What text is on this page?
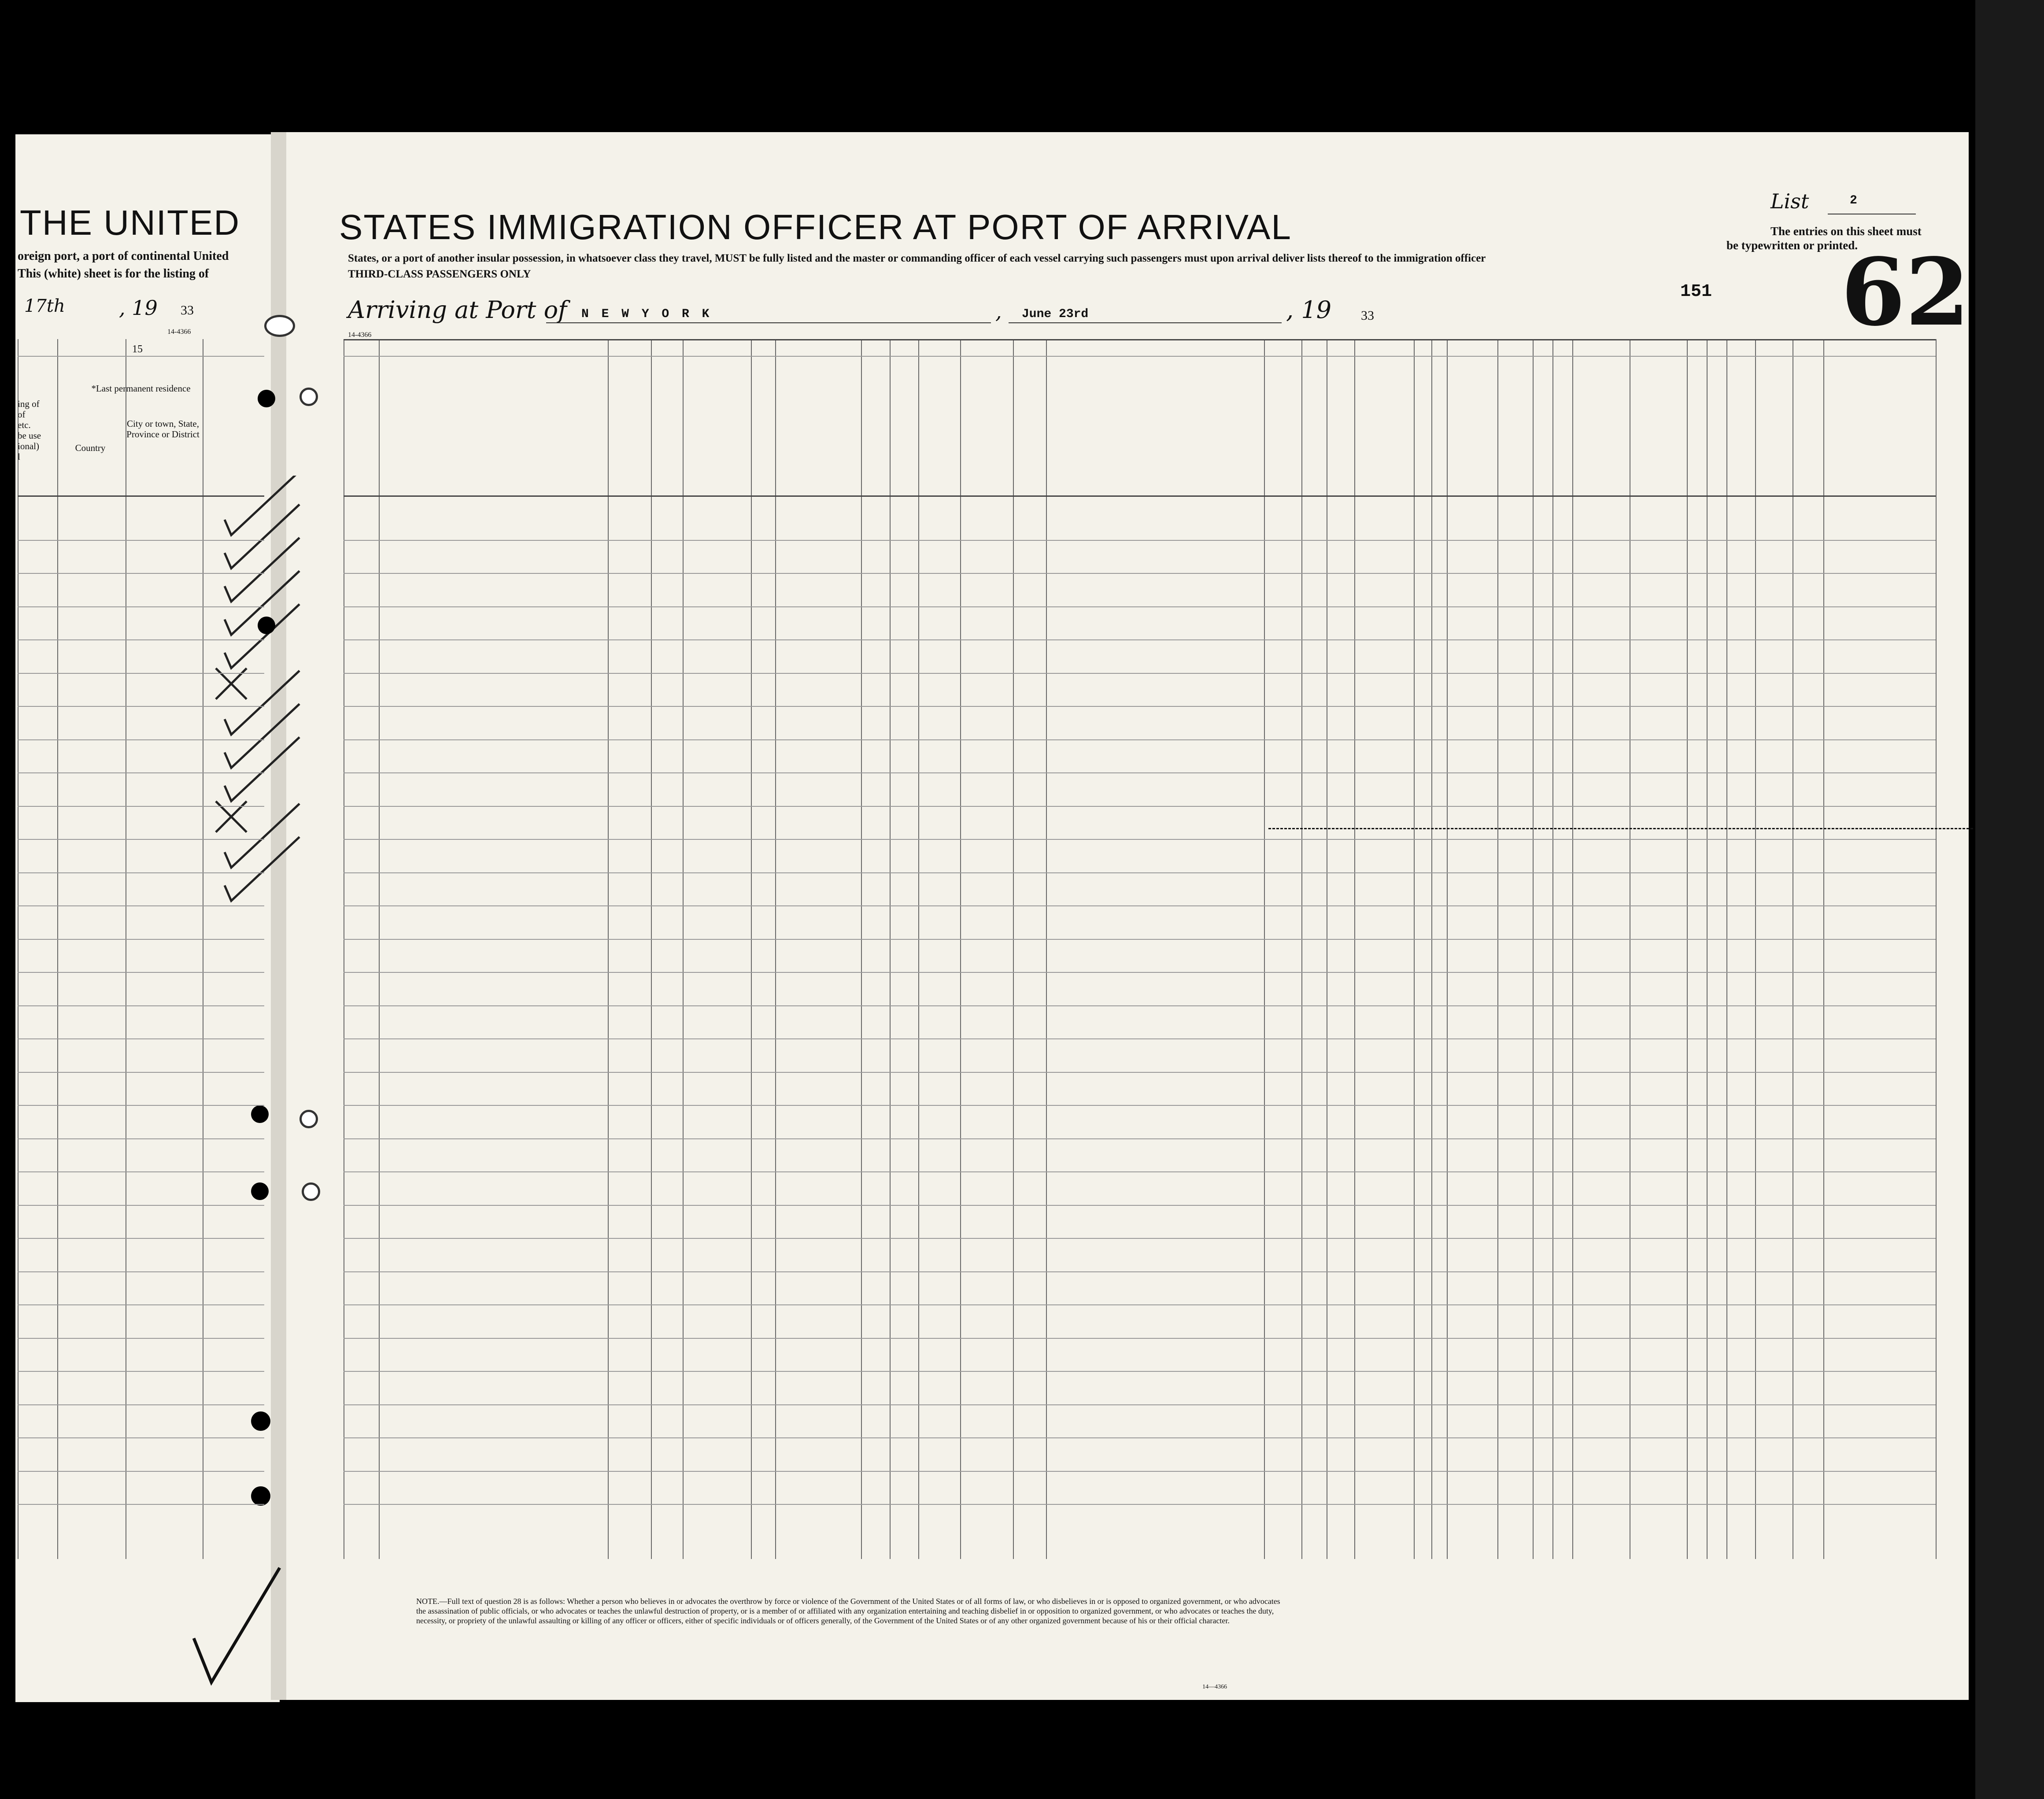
THE UNITED
oreign port, a port of continental United
This (white) sheet is for the listing of
17th	, 19 33
14-4366
15
*Last permanent residence
Country
City or town, State, Province or District
ing of
of
etc.
be use
ional)
l
STATES IMMIGRATION OFFICER AT PORT OF ARRIVAL
States, or a port of another insular possession, in whatsoever class they travel, MUST be fully listed and the master or commanding officer of each vessel carrying such passengers must upon arrival deliver lists thereof to the immigration officer
THIRD-CLASS PASSENGERS ONLY
List	2
The entries on this sheet must
be typewritten or printed.
151 62
Arriving at Port of N E W Y O R K	, June 23rd	, 19 33
14-4366
NOTE.—Full text of question 28 is as follows: Whether a person who believes in or advocates the overthrow by force or violence of the Government of the United States or of all forms of law, or who disbelieves in or is opposed to organized government, or who advocates the assassination of public officials, or who advocates or teaches the unlawful destruction of property, or is a member of or affiliated with any organization entertaining and teaching disbelief in or opposition to organized government, or who advocates or teaches the duty, necessity, or propriety of the unlawful assaulting or killing of any officer or officers, either of specific individuals or of officers generally, of the Government of the United States or of any other organized government because of his or their official character.
14—4366
